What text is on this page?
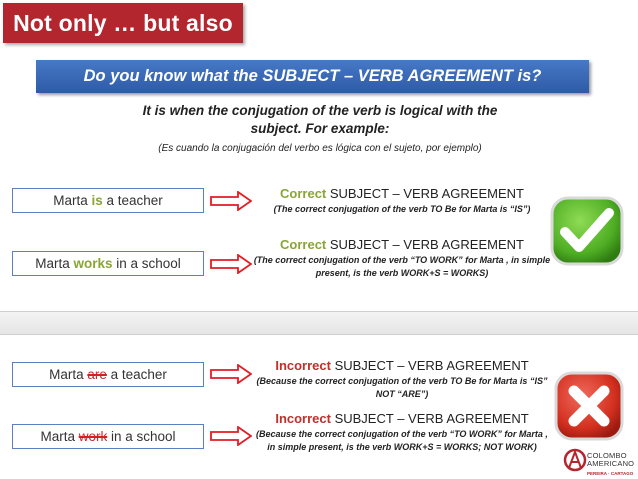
Not only … but also
Do you know what the SUBJECT – VERB AGREEMENT is?
It is when the conjugation of the verb is logical with the
subject. For example:
(Es cuando la conjugación del verbo es lógica con el sujeto, por ejemplo)
Marta is a teacher	Correct SUBJECT – VERB AGREEMENT
(The correct conjugation of the verb TO Be for Marta is “IS”)
Marta works in a school
Correct SUBJECT – VERB AGREEMENT
(The correct conjugation of the verb “TO WORK” for Marta , in simple present, is the verb WORK+S = WORKS)
Marta are a teacher
Incorrect SUBJECT – VERB AGREEMENT
(Because the correct conjugation of the verb TO Be for Marta is “IS” NOT “ARE”)
Marta work in a school
Incorrect SUBJECT – VERB AGREEMENT
(Because the correct conjugation of the verb “TO WORK” for Marta , in simple present, is the verb WORK+S = WORKS; NOT WORK)
COLOMBO
AMERICANO
PEREIRA · CARTAGO
